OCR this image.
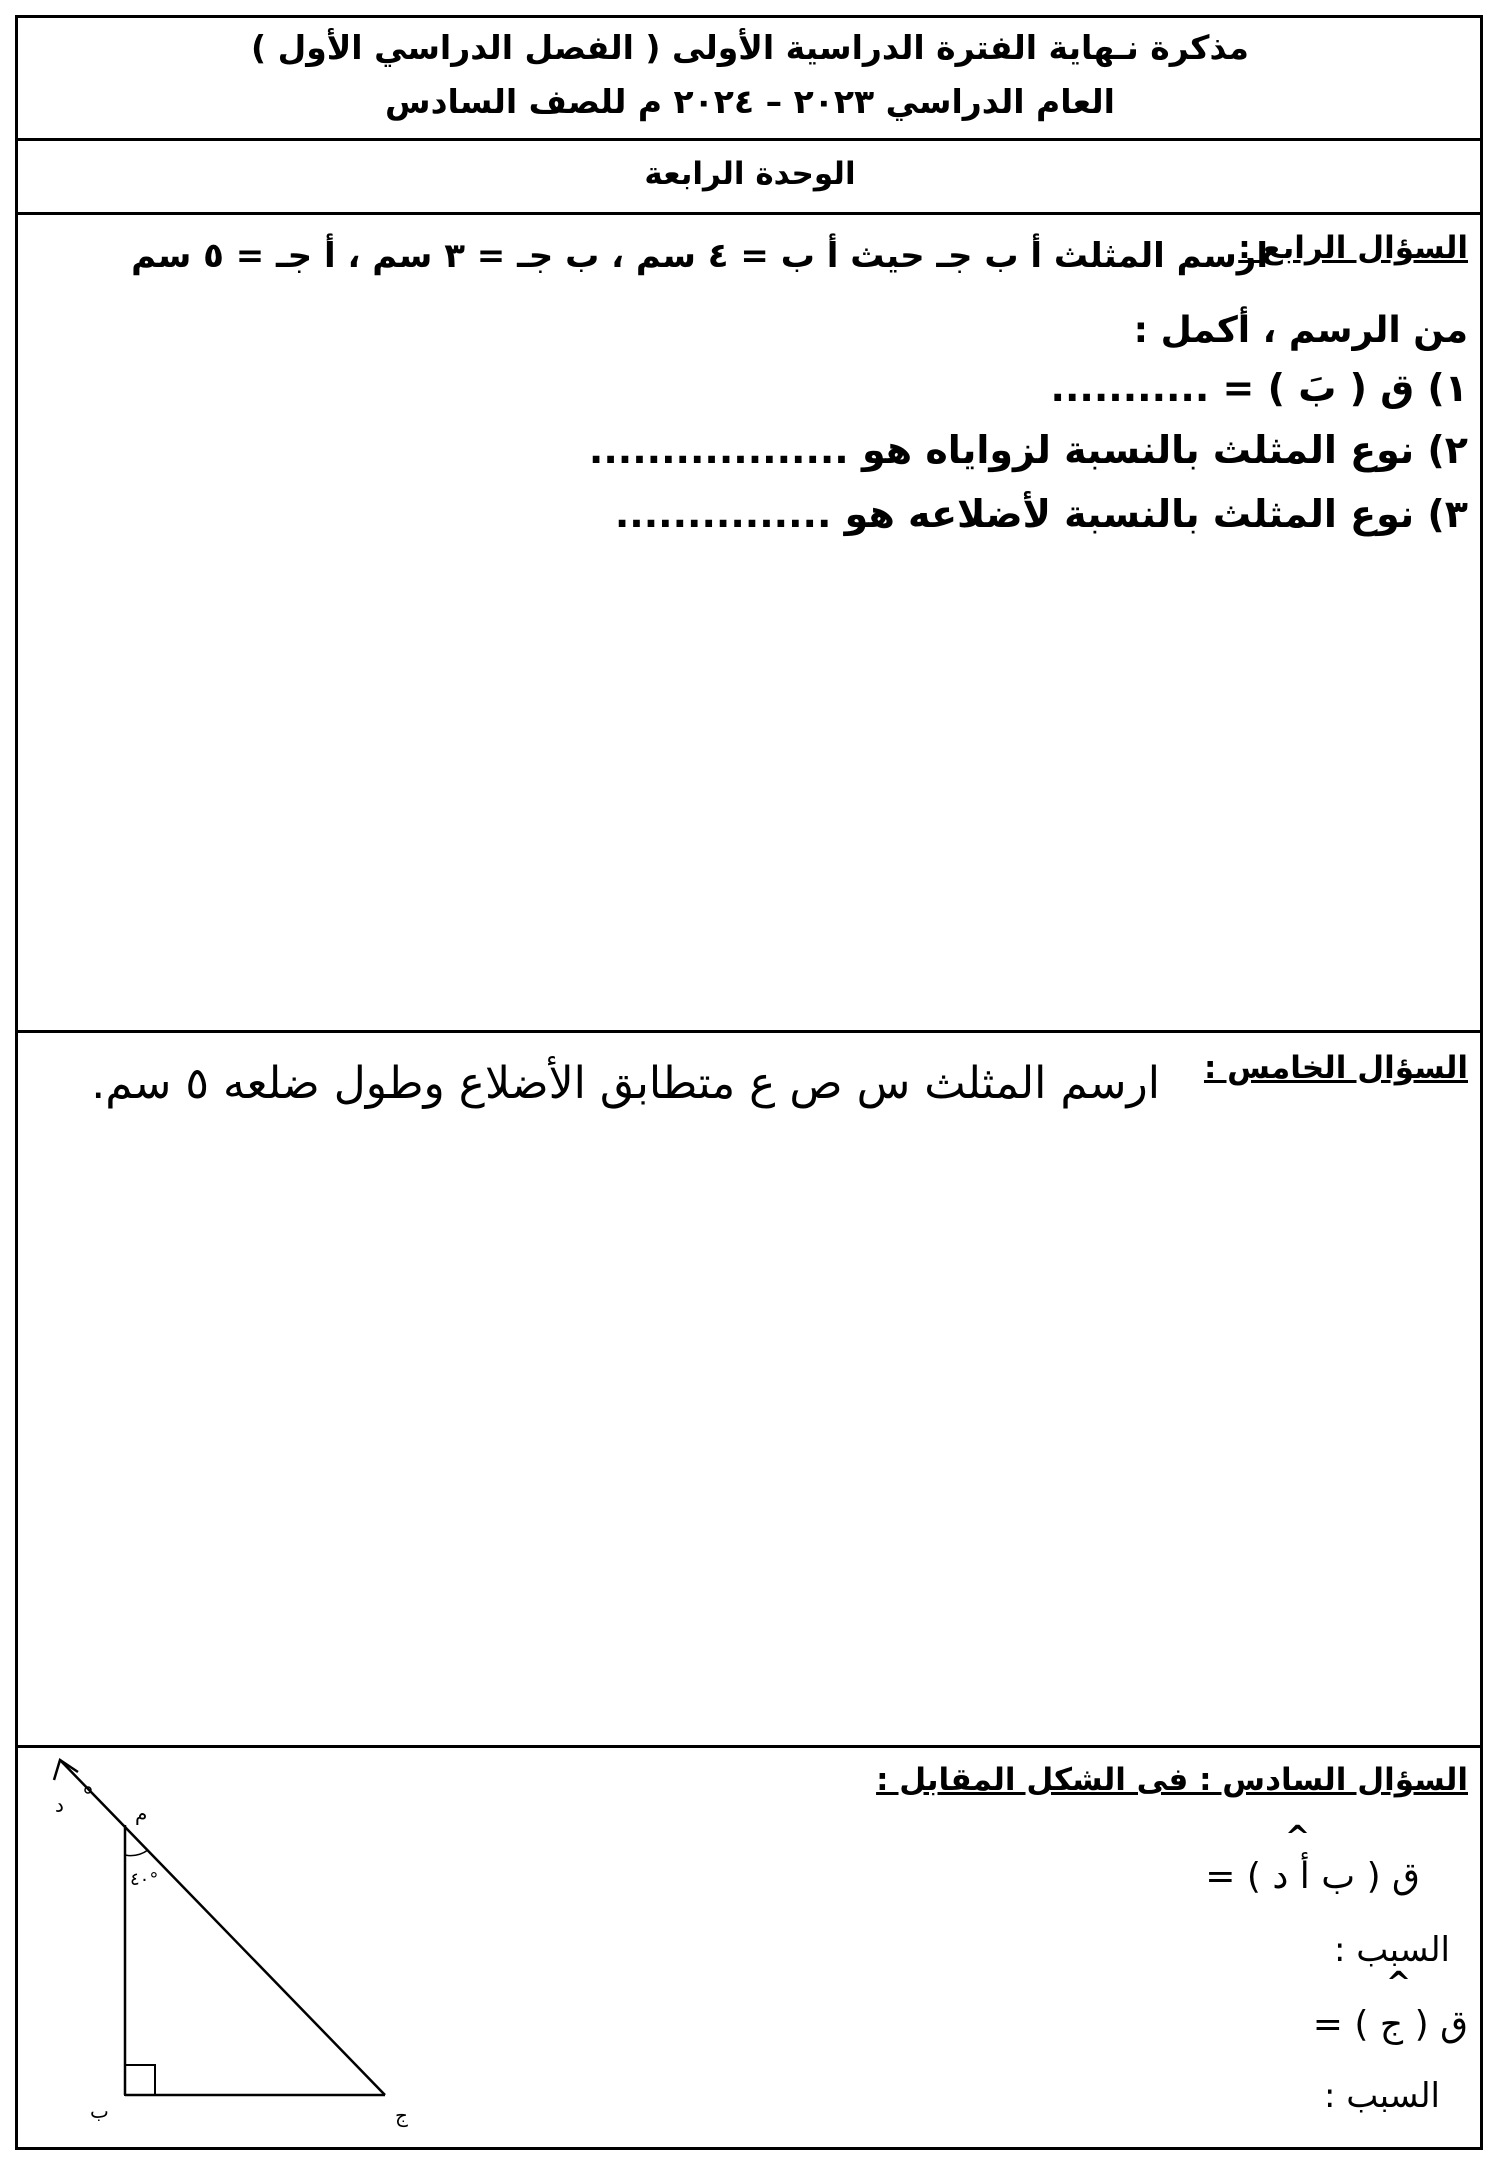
مذكرة نـهاية الفترة الدراسية الأولى ( الفصل الدراسي الأول )
العام الدراسي ٢٠٢٣ – ٢٠٢٤ م للصف السادس
الوحدة الرابعة
السؤال الرابع :
ارسم المثلث أ ب جـ حيث أ ب = ٤ سم ، ب جـ = ٣ سم ، أ جـ = ٥ سم
من الرسم ، أكمل :
١) ق ( بَ ) = ...........
٢) نوع المثلث بالنسبة لزواياه هو ..................
٣) نوع المثلث بالنسبة لأضلاعه هو ...............
السؤال الخامس :
ارسم المثلث س ص ع متطابق الأضلاع وطول ضلعه ٥ سم.
السؤال السادس : فى الشكل المقابل :
ق ( ب أ د ) =
^
السبب :
ق ( ج ) =
^
السبب :
٤٠°
د	م
ب	ج
